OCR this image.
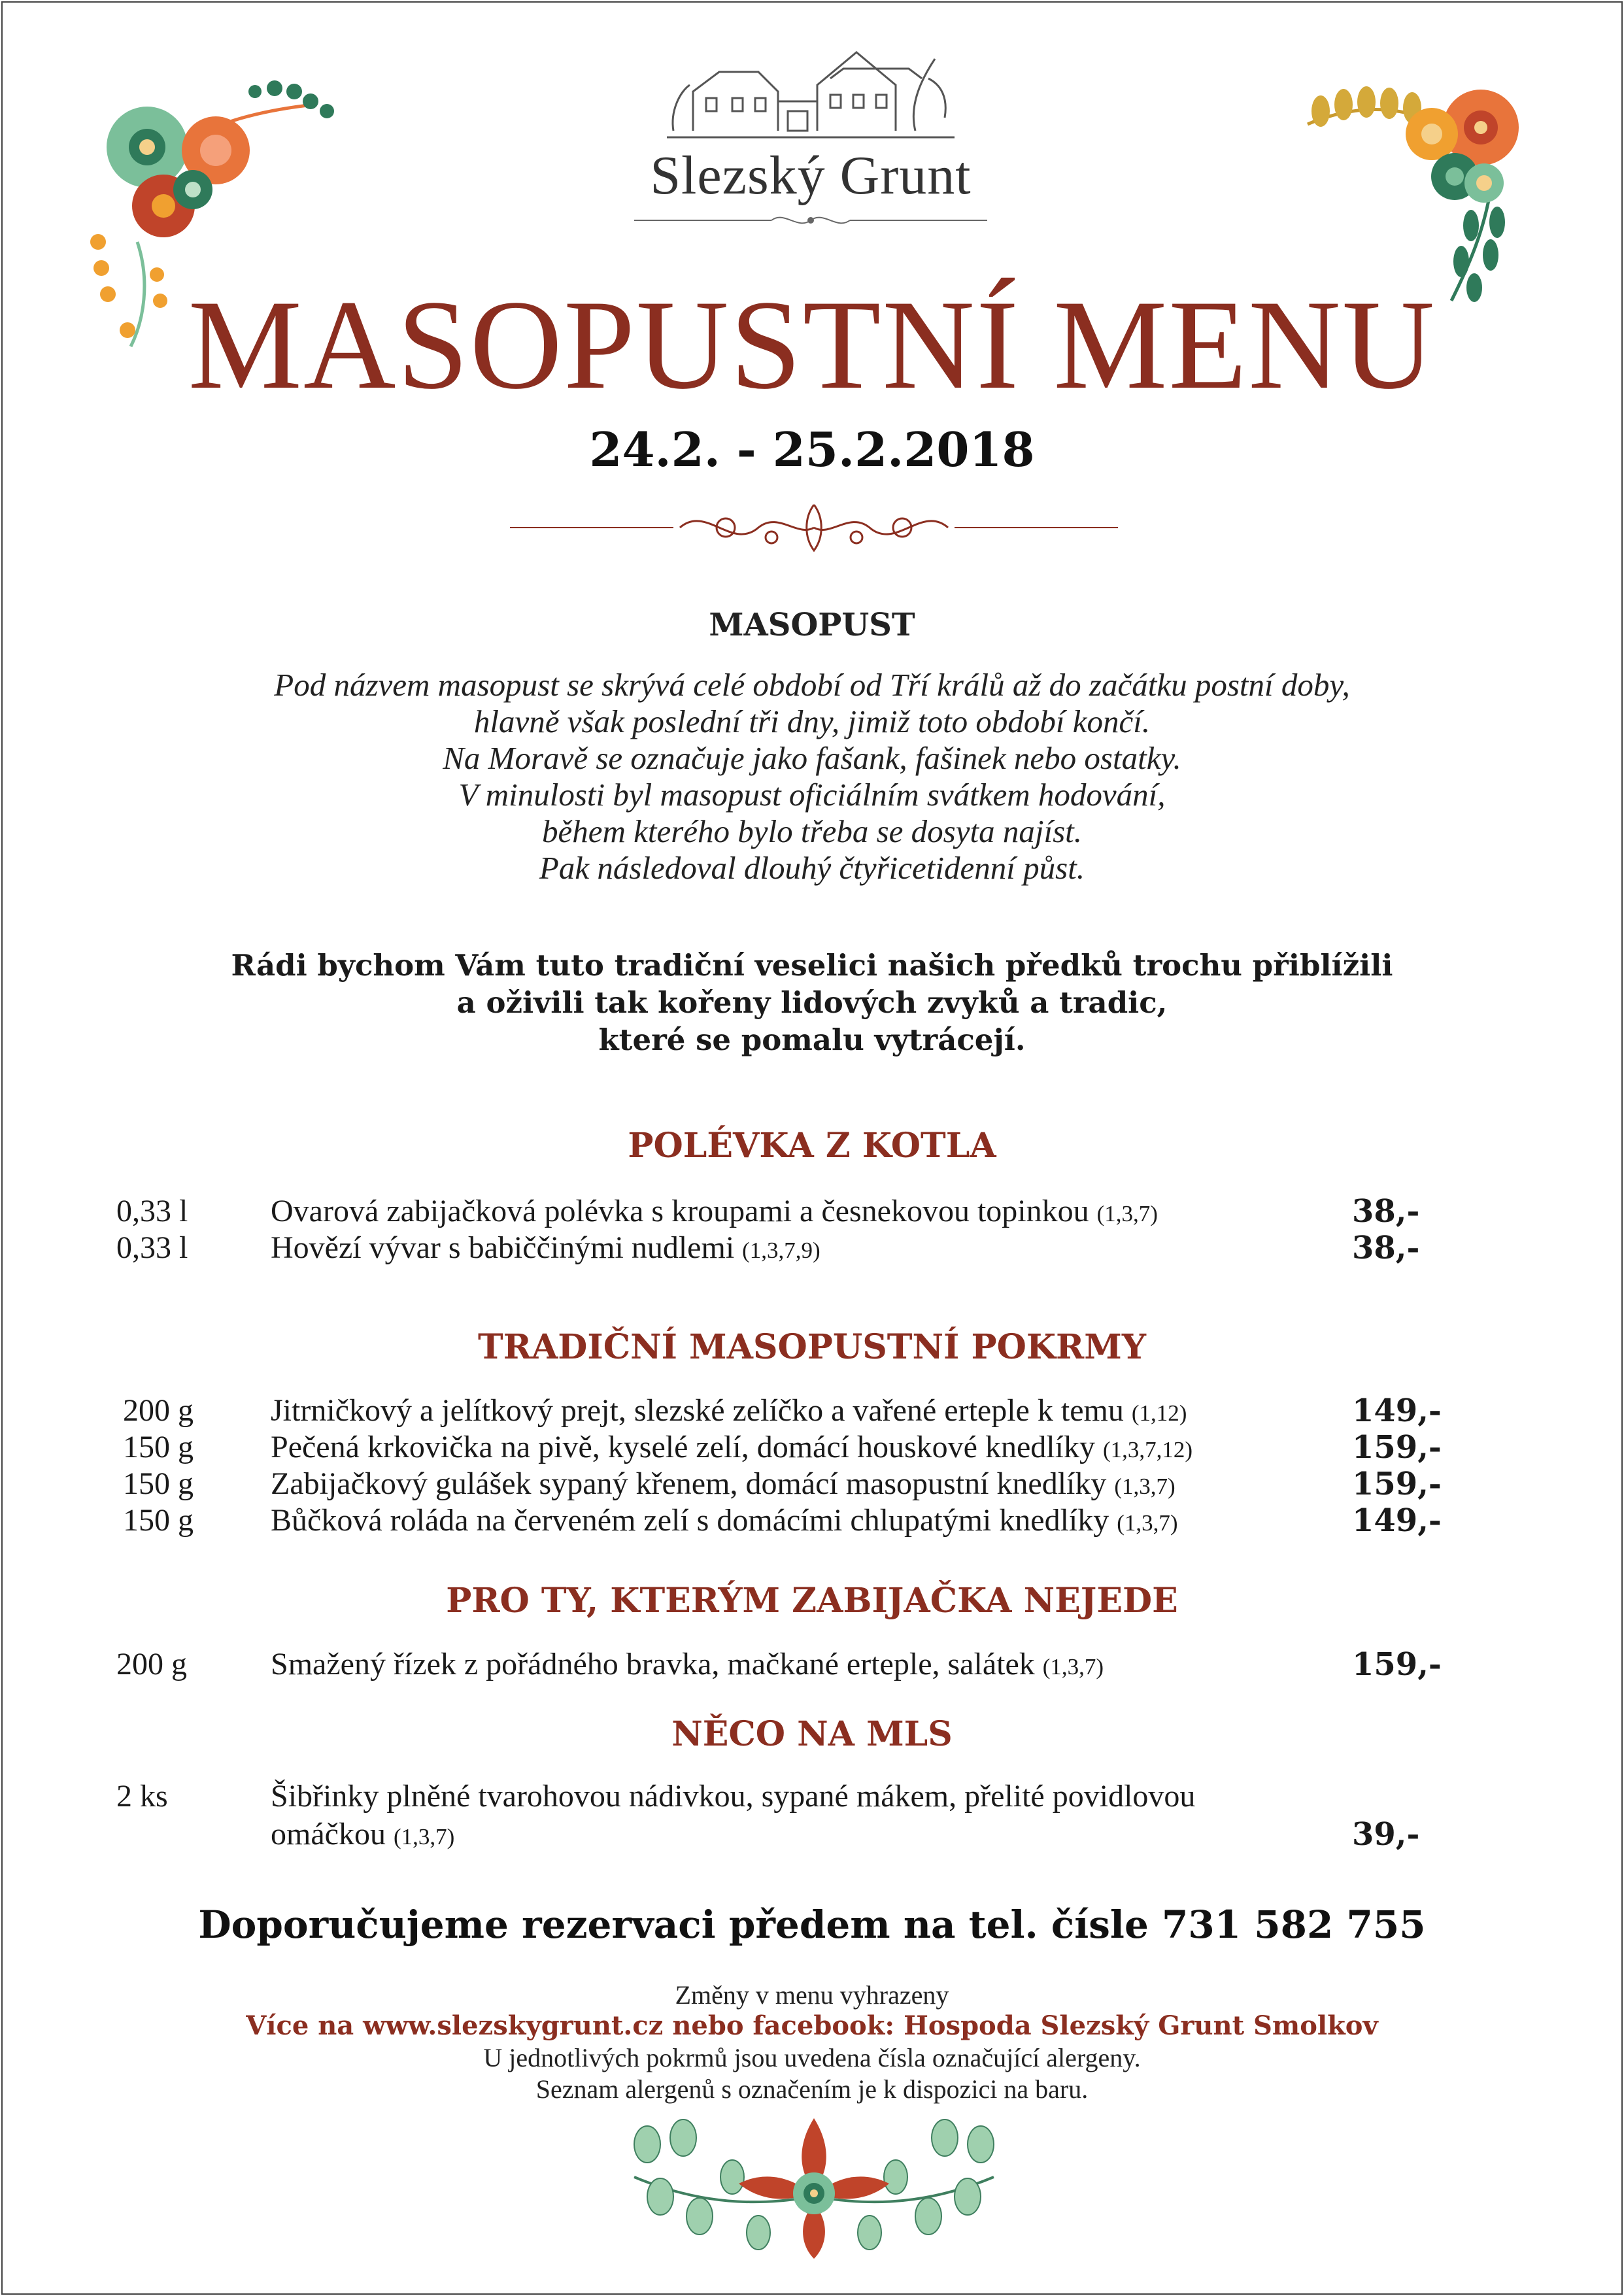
Slezský Grunt
MASOPUSTNÍ MENU
24.2. - 25.2.2018
MASOPUST
Pod názvem masopust se skrývá celé období od Tří králů až do začátku postní doby,
hlavně však poslední tři dny, jimiž toto období končí.
Na Moravě se označuje jako fašank, fašinek nebo ostatky.
V minulosti byl masopust oficiálním svátkem hodování,
během kterého bylo třeba se dosyta najíst.
Pak následoval dlouhý čtyřicetidenní půst.
Rádi bychom Vám tuto tradiční veselici našich předků trochu přiblížili
a oživili tak kořeny lidových zvyků a tradic,
které se pomalu vytrácejí.
POLÉVKA Z KOTLA
0,33 l	Ovarová zabijačková polévka s kroupami a česnekovou topinkou (1,3,7)	38,-
0,33 l	Hovězí vývar s babiččinými nudlemi (1,3,7,9)	38,-
TRADIČNÍ MASOPUSTNÍ POKRMY
200 g Jitrničkový a jelítkový prejt, slezské zelíčko a vařené erteple k temu (1,12)	149,-
150 g Pečená krkovička na pivě, kyselé zelí, domácí houskové knedlíky (1,3,7,12)	159,-
150 g Zabijačkový gulášek sypaný křenem, domácí masopustní knedlíky (1,3,7)	159,-
150 g Bůčková roláda na červeném zelí s domácími chlupatými knedlíky (1,3,7)	149,-
PRO TY, KTERÝM ZABIJAČKA NEJEDE
200 g	Smažený řízek z pořádného bravka, mačkané erteple, salátek (1,3,7)	159,-
NĚCO NA MLS
2 ks	Šibřinky plněné tvarohovou nádivkou, sypané mákem, přelité povidlovou
omáčkou (1,3,7)	39,-
Doporučujeme rezervaci předem na tel. čísle 731 582 755
Změny v menu vyhrazeny
Více na www.slezskygrunt.cz nebo facebook: Hospoda Slezský Grunt Smolkov
U jednotlivých pokrmů jsou uvedena čísla označující alergeny.
Seznam alergenů s označením je k dispozici na baru.
